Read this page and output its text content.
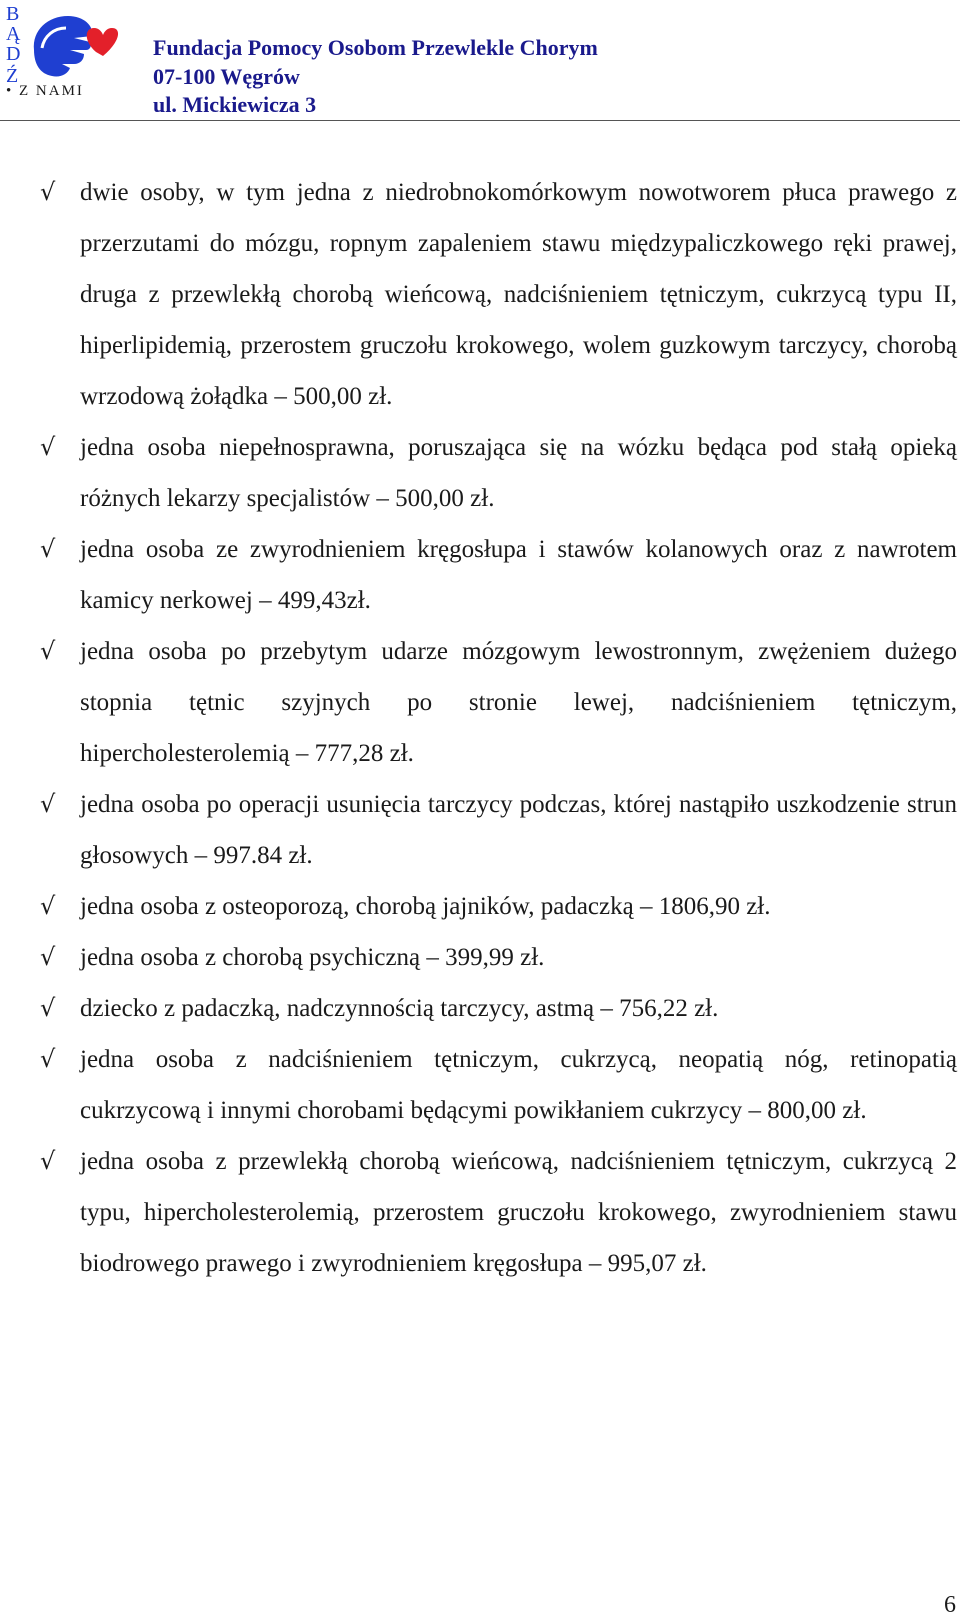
B
Ą
D
Ź
• Z NAMI
Fundacja Pomocy Osobom Przewlekle Chorym
07-100 Węgrów
ul. Mickiewicza 3

√ dwie osoby, w tym jedna z niedrobnokomórkowym nowotworem płuca prawego z przerzutami do mózgu, ropnym zapaleniem stawu międzypaliczkowego ręki prawej, druga z przewlekłą chorobą wieńcową, nadciśnieniem tętniczym, cukrzycą typu II, hiperlipidemią, przerostem gruczołu krokowego, wolem guzkowym tarczycy, chorobą wrzodową żołądka – 500,00 zł.

√ jedna osoba niepełnosprawna, poruszająca się na wózku będąca pod stałą opieką różnych lekarzy specjalistów – 500,00 zł.

√ jedna osoba ze zwyrodnieniem kręgosłupa i stawów kolanowych oraz z nawrotem kamicy nerkowej – 499,43zł.

√ jedna osoba po przebytym udarze mózgowym lewostronnym, zwężeniem dużego stopnia tętnic szyjnych po stronie lewej, nadciśnieniem tętniczym, hipercholesterolemią – 777,28 zł.

√ jedna osoba po operacji usunięcia tarczycy podczas, której nastąpiło uszkodzenie strun głosowych – 997.84 zł.

√ jedna osoba z osteoporozą, chorobą jajników, padaczką – 1806,90 zł.

√ jedna osoba z chorobą psychiczną – 399,99 zł.

√ dziecko z padaczką, nadczynnością tarczycy, astmą – 756,22 zł.

√ jedna osoba z nadciśnieniem tętniczym, cukrzycą, neopatią nóg, retinopatią cukrzycową i innymi chorobami będącymi powikłaniem cukrzycy – 800,00 zł.

√ jedna osoba z przewlekłą chorobą wieńcową, nadciśnieniem tętniczym, cukrzycą 2 typu, hipercholesterolemią, przerostem gruczołu krokowego, zwyrodnieniem stawu biodrowego prawego i zwyrodnieniem kręgosłupa – 995,07 zł.

6
